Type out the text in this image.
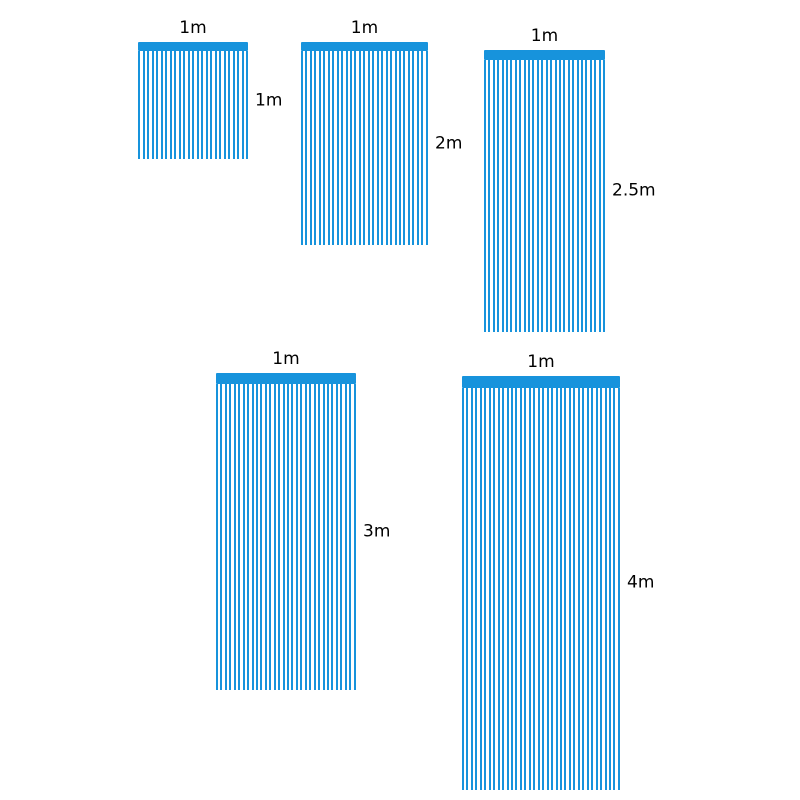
1m
1m
1m
2m
1m
2.5m
1m
3m
1m
4m
